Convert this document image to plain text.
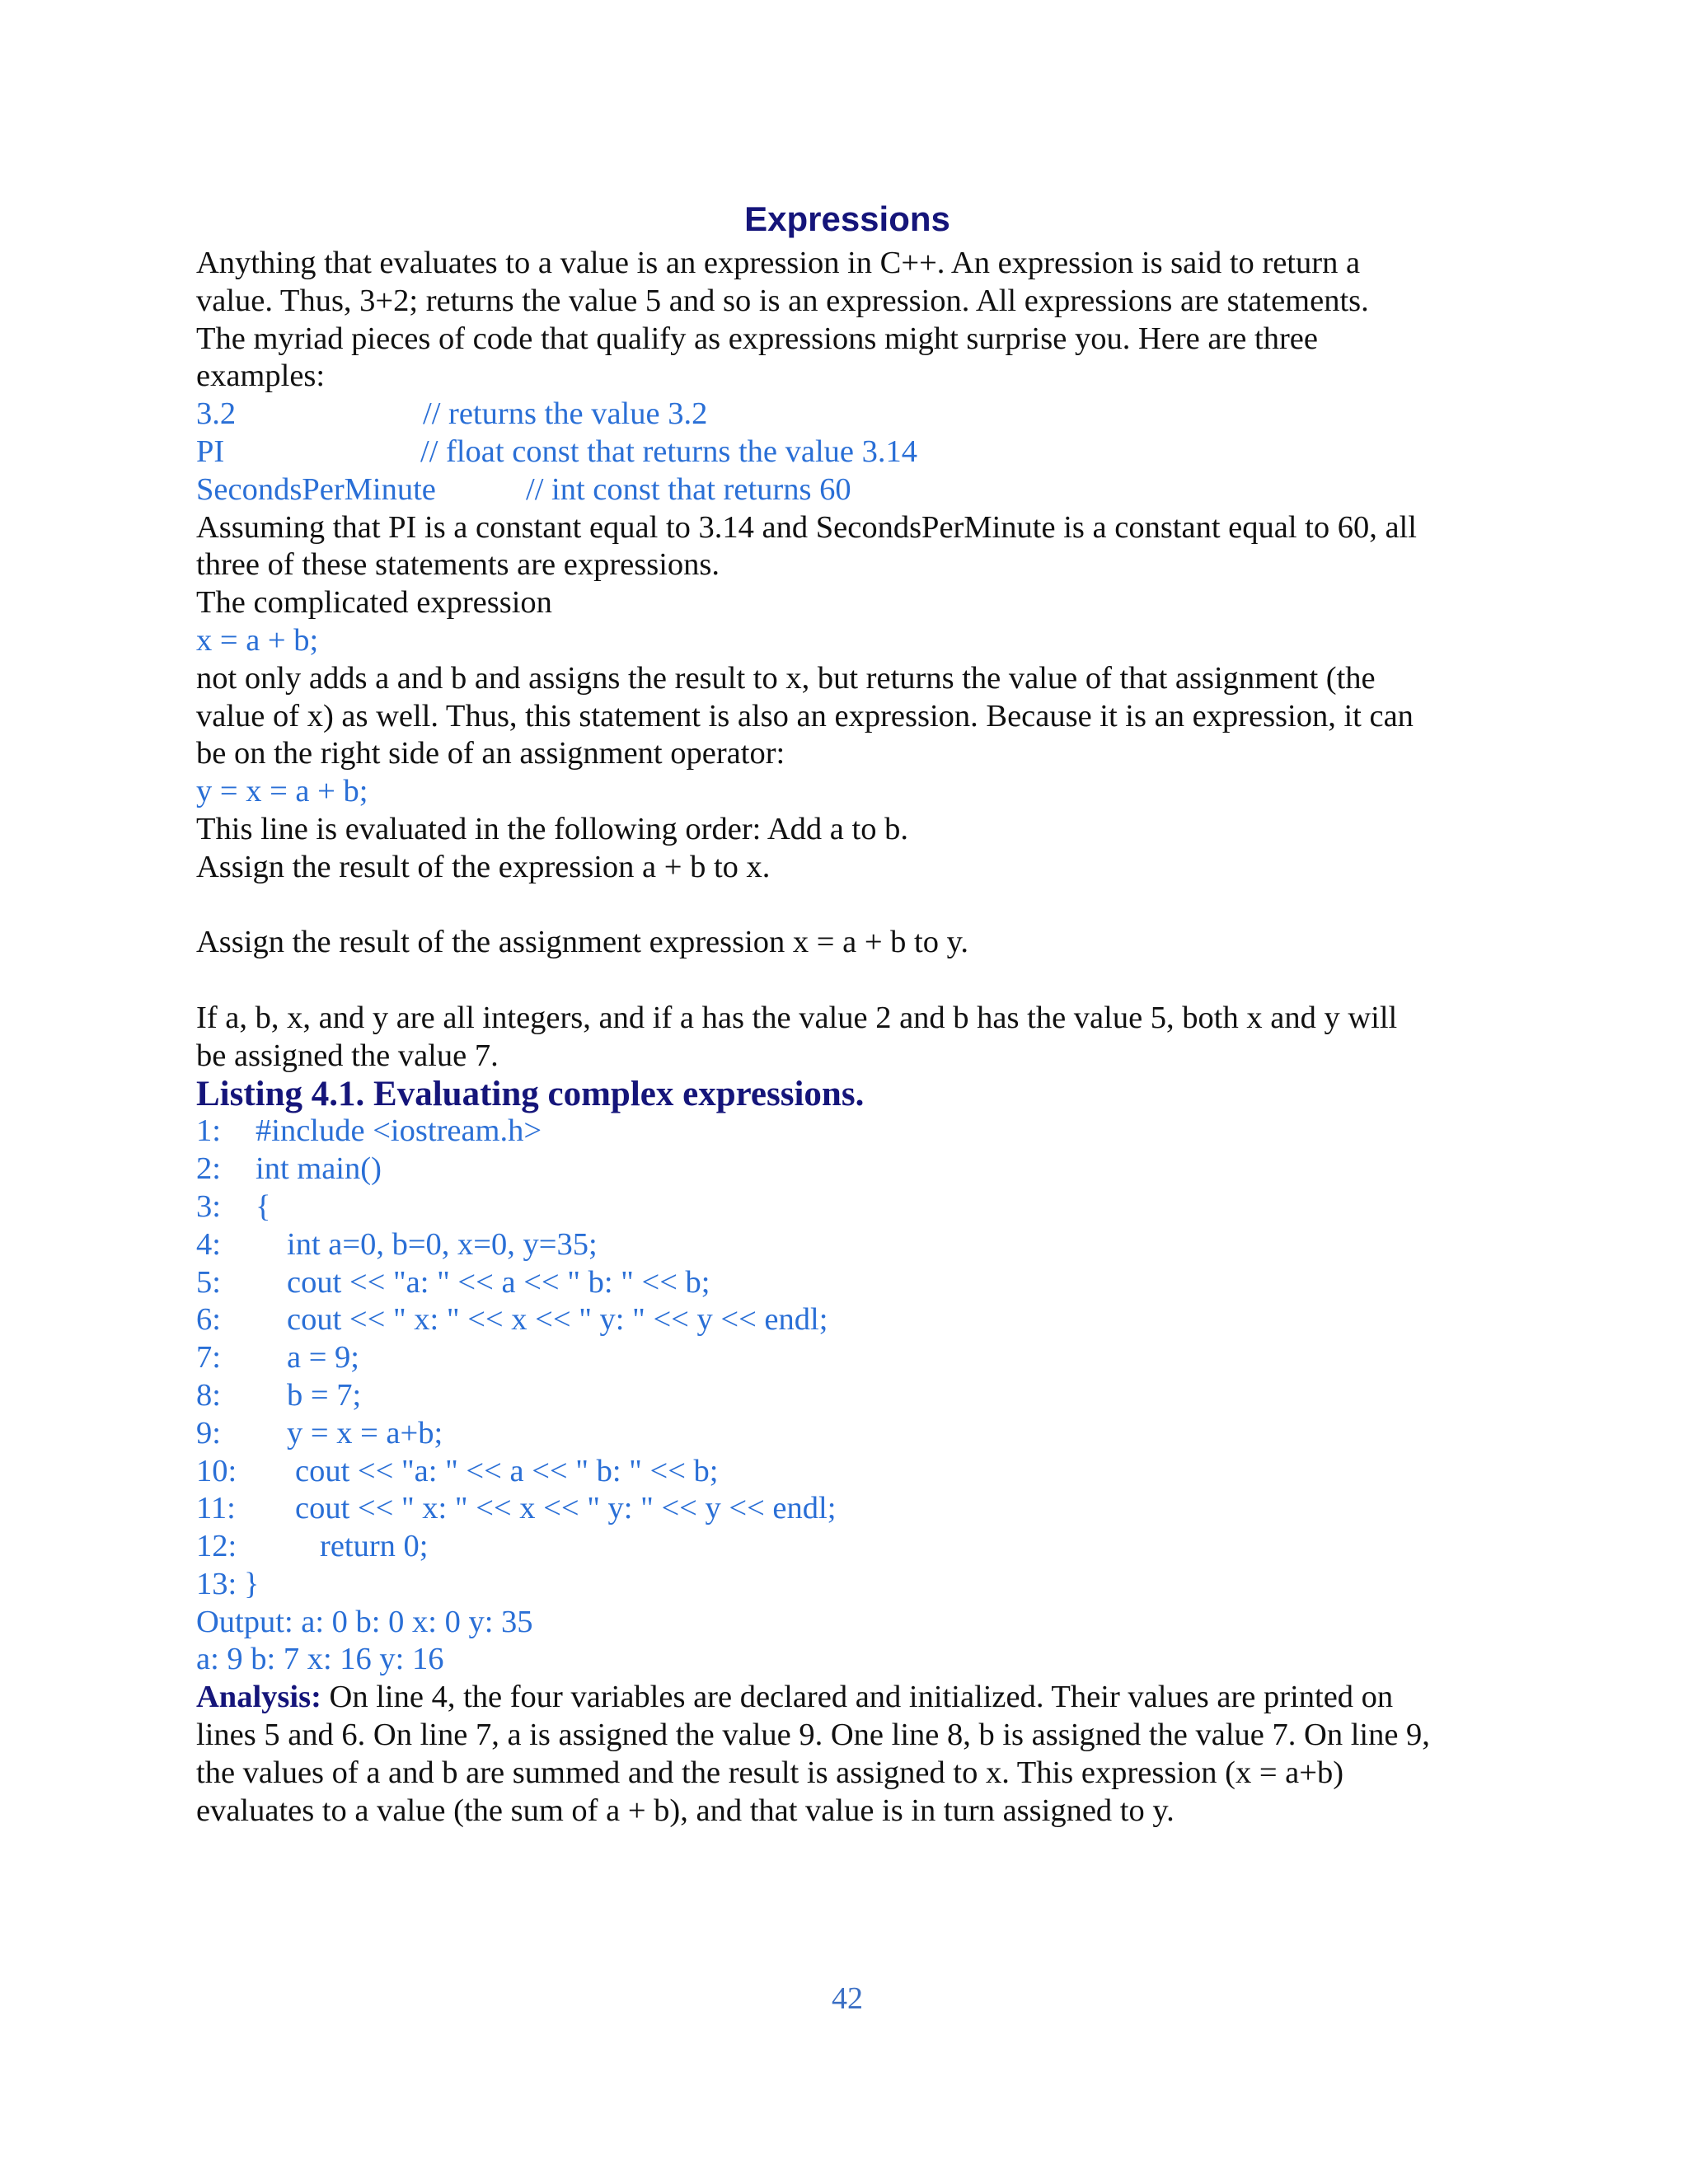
Expressions
Anything that evaluates to a value is an expression in C++. An expression is said to return a
value. Thus, 3+2; returns the value 5 and so is an expression. All expressions are statements.
The myriad pieces of code that qualify as expressions might surprise you. Here are three
examples:
3.2	// returns the value 3.2
PI	// float const that returns the value 3.14
SecondsPerMinute	// int const that returns 60
Assuming that PI is a constant equal to 3.14 and SecondsPerMinute is a constant equal to 60, all
three of these statements are expressions.
The complicated expression
x = a + b;
not only adds a and b and assigns the result to x, but returns the value of that assignment (the
value of x) as well. Thus, this statement is also an expression. Because it is an expression, it can
be on the right side of an assignment operator:
y = x = a + b;
This line is evaluated in the following order: Add a to b.
Assign the result of the expression a + b to x.
Assign the result of the assignment expression x = a + b to y.
If a, b, x, and y are all integers, and if a has the value 2 and b has the value 5, both x and y will
be assigned the value 7.
Listing 4.1. Evaluating complex expressions.
1: #include <iostream.h>
2: int main()
3: {
4: int a=0, b=0, x=0, y=35;
5: cout << "a: " << a << " b: " << b;
6: cout << " x: " << x << " y: " << y << endl;
7: a = 9;
8: b = 7;
9: y = x = a+b;
10: cout << "a: " << a << " b: " << b;
11: cout << " x: " << x << " y: " << y << endl;
12:	return 0;
13: }
Output: a: 0 b: 0 x: 0 y: 35
a: 9 b: 7 x: 16 y: 16
Analysis: On line 4, the four variables are declared and initialized. Their values are printed on
lines 5 and 6. On line 7, a is assigned the value 9. One line 8, b is assigned the value 7. On line 9,
the values of a and b are summed and the result is assigned to x. This expression (x = a+b)
evaluates to a value (the sum of a + b), and that value is in turn assigned to y.
42
